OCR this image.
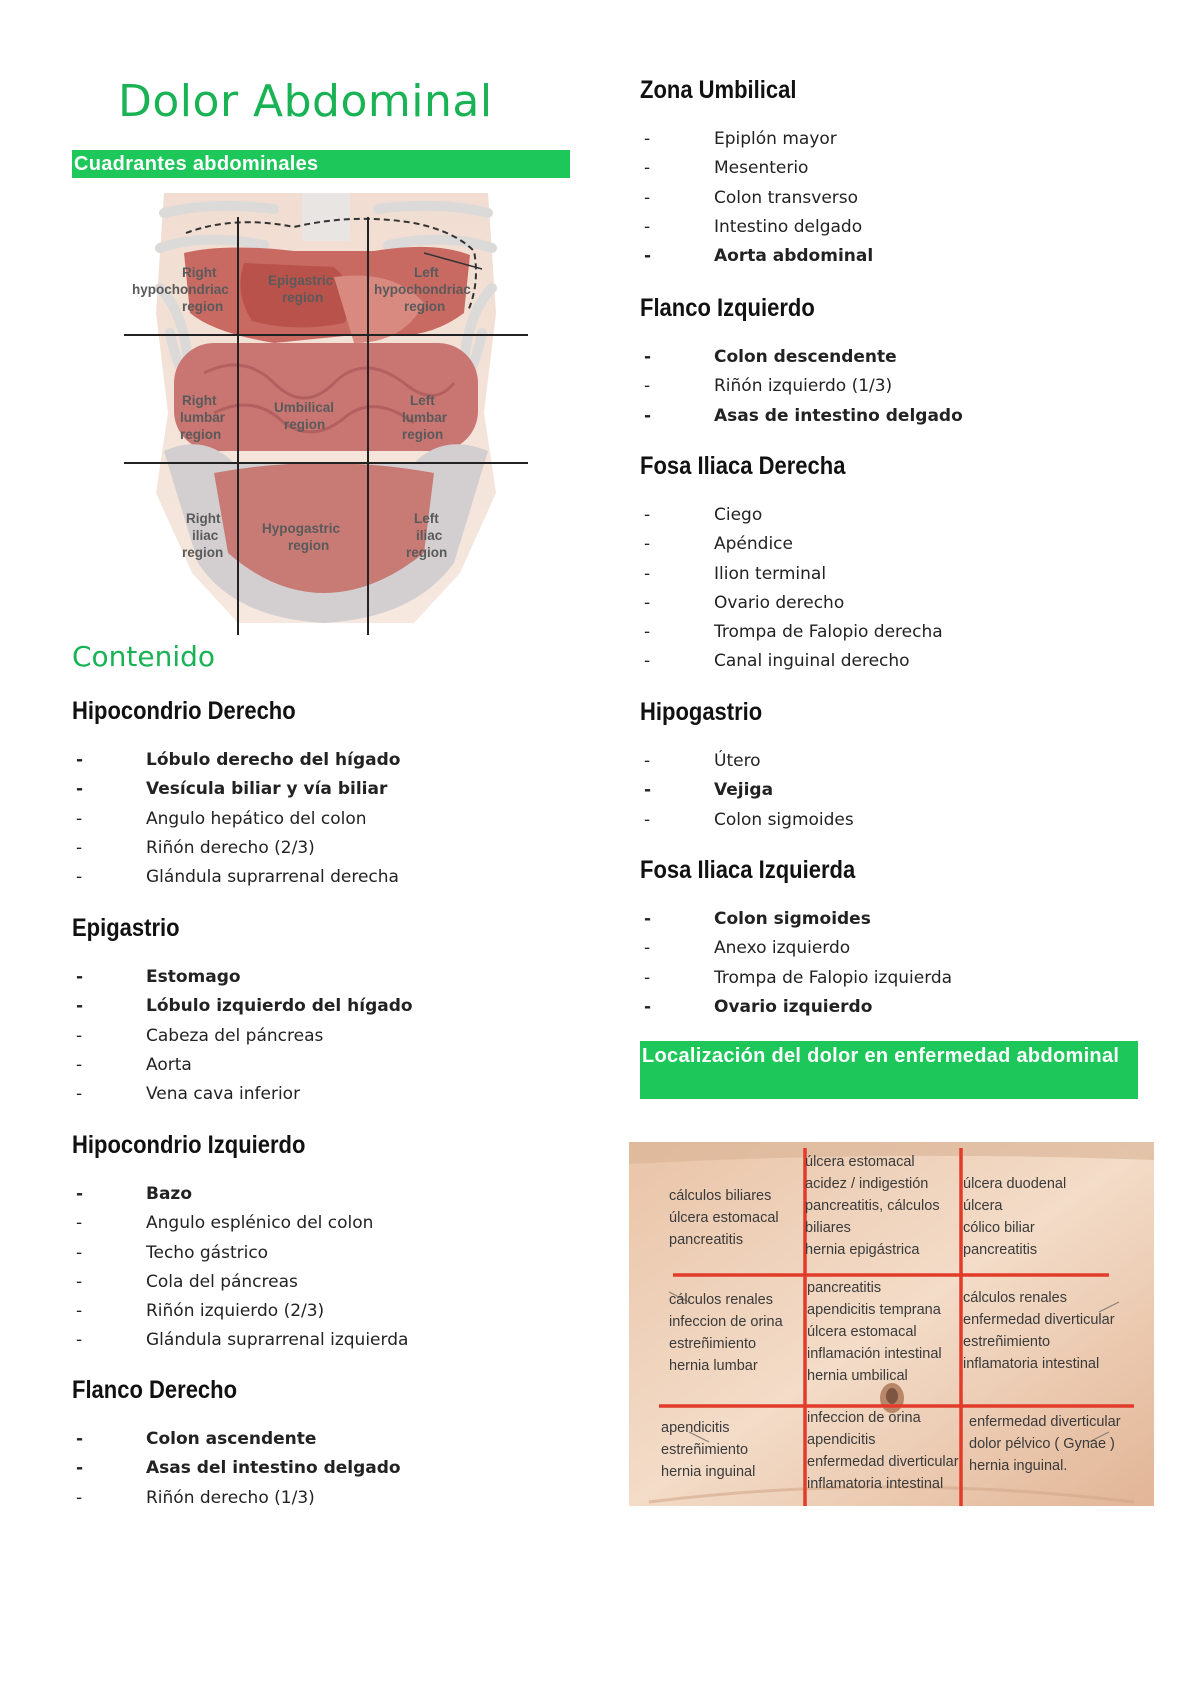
Dolor Abdominal
Cuadrantes abdominales
Right hypochondriac region
Epigastric region
Left hypochondriac region
Right lumbar region
Umbilical region
Left lumbar region
Right iliac region
Hypogastric region
Left iliac region
Contenido
Hipocondrio Derecho
- Lóbulo derecho del hígado
- Vesícula biliar y vía biliar
- Angulo hepático del colon
- Riñón derecho (2/3)
- Glándula suprarrenal derecha
Epigastrio
- Estomago
- Lóbulo izquierdo del hígado
- Cabeza del páncreas
- Aorta
- Vena cava inferior
Hipocondrio Izquierdo
- Bazo
- Angulo esplénico del colon
- Techo gástrico
- Cola del páncreas
- Riñón izquierdo (2/3)
- Glándula suprarrenal izquierda
Flanco Derecho
- Colon ascendente
- Asas del intestino delgado
- Riñón derecho (1/3)
Zona Umbilical
- Epiplón mayor
- Mesenterio
- Colon transverso
- Intestino delgado
- Aorta abdominal
Flanco Izquierdo
- Colon descendente
- Riñón izquierdo (1/3)
- Asas de intestino delgado
Fosa Iliaca Derecha
- Ciego
- Apéndice
- Ilion terminal
- Ovario derecho
- Trompa de Falopio derecha
- Canal inguinal derecho
Hipogastrio
- Útero
- Vejiga
- Colon sigmoides
Fosa Iliaca Izquierda
- Colon sigmoides
- Anexo izquierdo
- Trompa de Falopio izquierda
- Ovario izquierdo
Localización del dolor en enfermedad abdominal
cálculos biliares úlcera estomacal pancreatitis
úlcera estomacal acidez / indigestión pancreatitis, cálculos biliares hernia epigástrica
úlcera duodenal úlcera cólico biliar pancreatitis
cálculos renales infeccion de orina estreñimiento hernia lumbar
pancreatitis apendicitis temprana úlcera estomacal inflamación intestinal hernia umbilical
cálculos renales enfermedad diverticular estreñimiento inflamatoria intestinal
apendicitis estreñimiento hernia inguinal
infeccion de orina apendicitis enfermedad diverticular inflamatoria intestinal
enfermedad diverticular dolor pélvico ( Gynae ) hernia inguinal.
